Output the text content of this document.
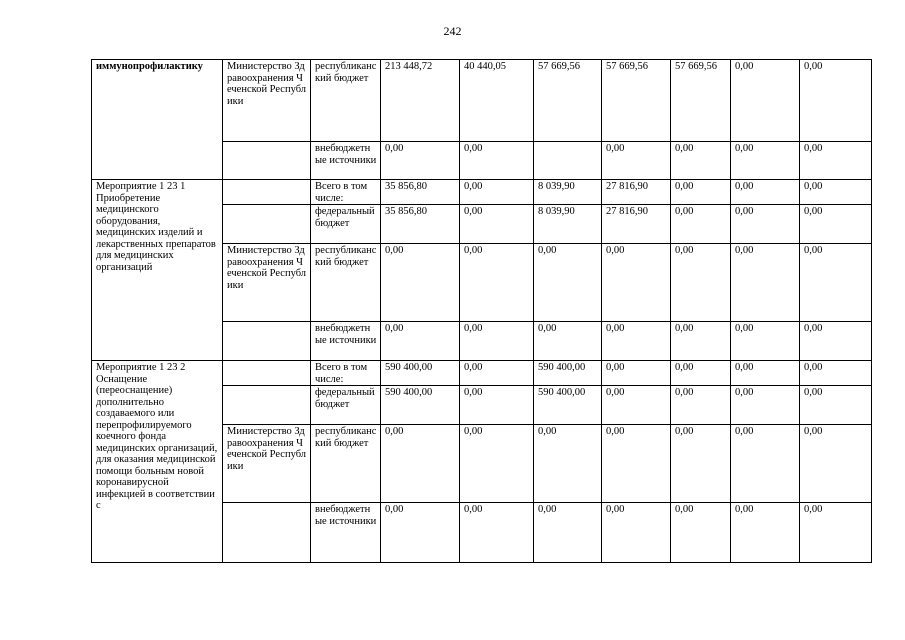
242
иммунопрофилактику	Министерство Здравоохранения Чеченской Республики	республиканский бюджет	213 448,72	40 440,05	57 669,56	57 669,56	57 669,56	0,00	0,00
		внебюджетные источники	0,00	0,00		0,00	0,00	0,00	0,00
Мероприятие 1 23 1 Приобретение медицинского оборудования, медицинских изделий и лекарственных препаратов для медицинских организаций		Всего в том числе:	35 856,80	0,00	8 039,90	27 816,90	0,00	0,00	0,00
		федеральный бюджет	35 856,80	0,00	8 039,90	27 816,90	0,00	0,00	0,00
	Министерство Здравоохранения Чеченской Республики	республиканский бюджет	0,00	0,00	0,00	0,00	0,00	0,00	0,00
		внебюджетные источники	0,00	0,00	0,00	0,00	0,00	0,00	0,00
Мероприятие 1 23 2 Оснащение (переоснащение) дополнительно создаваемого или перепрофилируемого коечного фонда медицинских организаций, для оказания медицинской помощи больным новой коронавирусной инфекцией в соответствии с		Всего в том числе:	590 400,00	0,00	590 400,00	0,00	0,00	0,00	0,00
		федеральный бюджет	590 400,00	0,00	590 400,00	0,00	0,00	0,00	0,00
	Министерство Здравоохранения Чеченской Республики	республиканский бюджет	0,00	0,00	0,00	0,00	0,00	0,00	0,00
		внебюджетные источники	0,00	0,00	0,00	0,00	0,00	0,00	0,00
